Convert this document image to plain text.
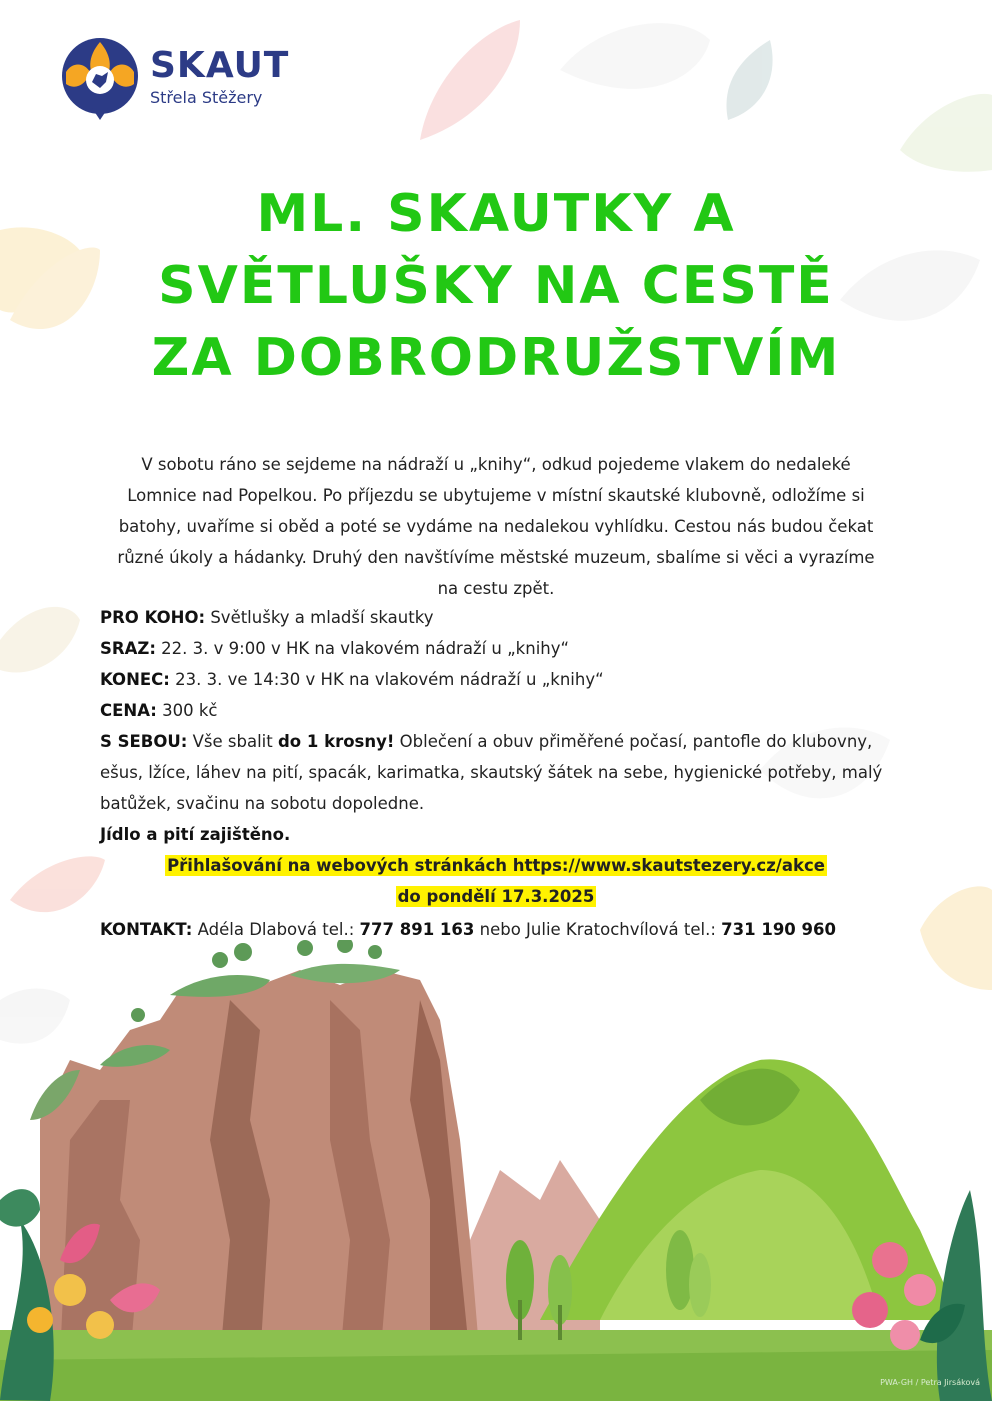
SKAUT
Střela Stěžery
ML. SKAUTKY A
SVĚTLUŠKY NA CESTĚ
ZA DOBRODRUŽSTVÍM
V sobotu ráno se sejdeme na nádraží u „knihy“, odkud pojedeme vlakem do nedaleké
Lomnice nad Popelkou. Po příjezdu se ubytujeme v místní skautské klubovně, odložíme si
batohy, uvaříme si oběd a poté se vydáme na nedalekou vyhlídku. Cestou nás budou čekat
různé úkoly a hádanky. Druhý den navštívíme městské muzeum, sbalíme si věci a vyrazíme
na cestu zpět.
PRO KOHO: Světlušky a mladší skautky
SRAZ: 22. 3. v 9:00 v HK na vlakovém nádraží u „knihy“
KONEC: 23. 3. ve 14:30 v HK na vlakovém nádraží u „knihy“
CENA: 300 kč
S SEBOU: Vše sbalit do 1 krosny! Oblečení a obuv přiměřené počasí, pantofle do klubovny, ešus, lžíce, láhev na pití, spacák, karimatka, skautský šátek na sebe, hygienické potřeby, malý batůžek, svačinu na sobotu dopoledne.
Jídlo a pití zajištěno.
Přihlašování na webových stránkách https://www.skautstezery.cz/akce
do pondělí 17.3.2025
KONTAKT: Adéla Dlabová tel.: 777 891 163 nebo Julie Kratochvílová tel.: 731 190 960
PWA-GH / Petra Jirsáková
